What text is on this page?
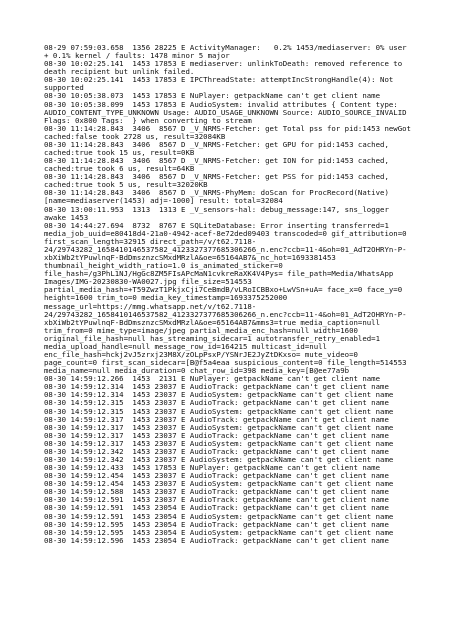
08-29 07:59:03.658  1356 28225 E ActivityManager:   0.2% 1453/mediaserver: 0% user
+ 0.1% kernel / faults: 1478 minor 5 major
08-30 10:02:25.141  1453 17853 E mediaserver: unlinkToDeath: removed reference to
death recipient but unlink failed.
08-30 10:02:25.141  1453 17853 E IPCThreadState: attemptIncStrongHandle(4): Not
supported
08-30 10:05:38.073  1453 17853 E NuPlayer: getpackName can't get client name
08-30 10:05:38.099  1453 17853 E AudioSystem: invalid attributes { Content type:
AUDIO_CONTENT_TYPE_UNKNOWN Usage: AUDIO_USAGE_UNKNOWN Source: AUDIO_SOURCE_INVALID
Flags: 0x800 Tags:  } when converting to stream
08-30 11:14:28.843  3406  8567 D _V_NRMS-Fetcher: get Total pss for pid:1453 newGot
cached:false took 2728 us, result=32084KB
08-30 11:14:28.843  3406  8567 D _V_NRMS-Fetcher: get GPU for pid:1453 cached,
cached:true took 15 us, result=0KB
08-30 11:14:28.843  3406  8567 D _V_NRMS-Fetcher: get ION for pid:1453 cached,
cached:true took 6 us, result=64KB
08-30 11:14:28.843  3406  8567 D _V_NRMS-Fetcher: get PSS for pid:1453 cached,
cached:true took 5 us, result=32020KB
08-30 11:14:28.843  3406  8567 D _V_NRMS-PhyMem: doScan for ProcRecord(Native)
[name=mediaserver(1453) adj=-1000] result: total=32084
08-30 13:00:11.953  1313  1313 E _V_sensors-hal: debug_message:147, sns_logger
awake 1453
08-30 14:44:27.694  8732  8767 E SQLiteDatabase: Error inserting transferred=1
media_job_uuid=e80418d4-21a0-4942-acef-8e72ded09403 transcoded=0 gif_attribution=0
first_scan_length=32915 direct_path=/v/t62.7118-
24/29743282_1658410146537582_4123327377685306266_n.enc?ccb=11-4&oh=01_AdT2OHRYn-P-
xbXiWb2tYPuwlnqF-BdDmsznzcSMxdMRzlA&oe=65164AB7&_nc_hot=1693381453
thumbnail_height_width_ratio=1.0 is_animated_sticker=0
file_hash=/g3PhL1NJ/HgGc8ZM5FIsAPcMaN1cvkreRaXK4V4Pys= file_path=Media/WhatsApp
Images/IMG-20230830-WA0027.jpg file_size=514553
partial_media_hash=+T59ZwzT1PkjxCji7CeBmdB/vLRoICBBxo+LwVSn+uA= face_x=0 face_y=0
height=1600 trim_to=0 media_key_timestamp=1693375252000
message_url=https://mmg.whatsapp.net/v/t62.7118-
24/29743282_1658410146537582_4123327377685306266_n.enc?ccb=11-4&oh=01_AdT2OHRYn-P-
xbXiWb2tYPuwlnqF-BdDmsznzcSMxdMRzlA&oe=65164AB7&mms3=true media_caption=null
trim_from=0 mime_type=image/jpeg partial_media_enc_hash=null width=1600
original_file_hash=null has_streaming_sidecar=1 autotransfer_retry_enabled=1
media_upload_handle=null message_row_id=164215 multicast_id=null
enc_file_hash=hckj2vJ5zrxj23M8X/zOLpPsxP/YSNrJE2JyZtDKxso= mute_video=0
page_count=0 first_scan_sidecar=[B@f5a4eaa suspicious_content=0 file_length=514553
media_name=null media_duration=0 chat_row_id=398 media_key=[B@ee77a9b
08-30 14:59:12.266  1453  2131 E NuPlayer: getpackName can't get client name
08-30 14:59:12.314  1453 23037 E AudioTrack: getpackName can't get client name
08-30 14:59:12.314  1453 23037 E AudioSystem: getpackName can't get client name
08-30 14:59:12.315  1453 23037 E AudioTrack: getpackName can't get client name
08-30 14:59:12.315  1453 23037 E AudioSystem: getpackName can't get client name
08-30 14:59:12.317  1453 23037 E AudioTrack: getpackName can't get client name
08-30 14:59:12.317  1453 23037 E AudioSystem: getpackName can't get client name
08-30 14:59:12.317  1453 23037 E AudioTrack: getpackName can't get client name
08-30 14:59:12.317  1453 23037 E AudioSystem: getpackName can't get client name
08-30 14:59:12.342  1453 23037 E AudioTrack: getpackName can't get client name
08-30 14:59:12.342  1453 23037 E AudioSystem: getpackName can't get client name
08-30 14:59:12.433  1453 17853 E NuPlayer: getpackName can't get client name
08-30 14:59:12.454  1453 23037 E AudioTrack: getpackName can't get client name
08-30 14:59:12.454  1453 23037 E AudioSystem: getpackName can't get client name
08-30 14:59:12.588  1453 23037 E AudioTrack: getpackName can't get client name
08-30 14:59:12.591  1453 23037 E AudioTrack: getpackName can't get client name
08-30 14:59:12.591  1453 23054 E AudioTrack: getpackName can't get client name
08-30 14:59:12.591  1453 23054 E AudioSystem: getpackName can't get client name
08-30 14:59:12.595  1453 23054 E AudioTrack: getpackName can't get client name
08-30 14:59:12.595  1453 23054 E AudioSystem: getpackName can't get client name
08-30 14:59:12.596  1453 23054 E AudioTrack: getpackName can't get client name
